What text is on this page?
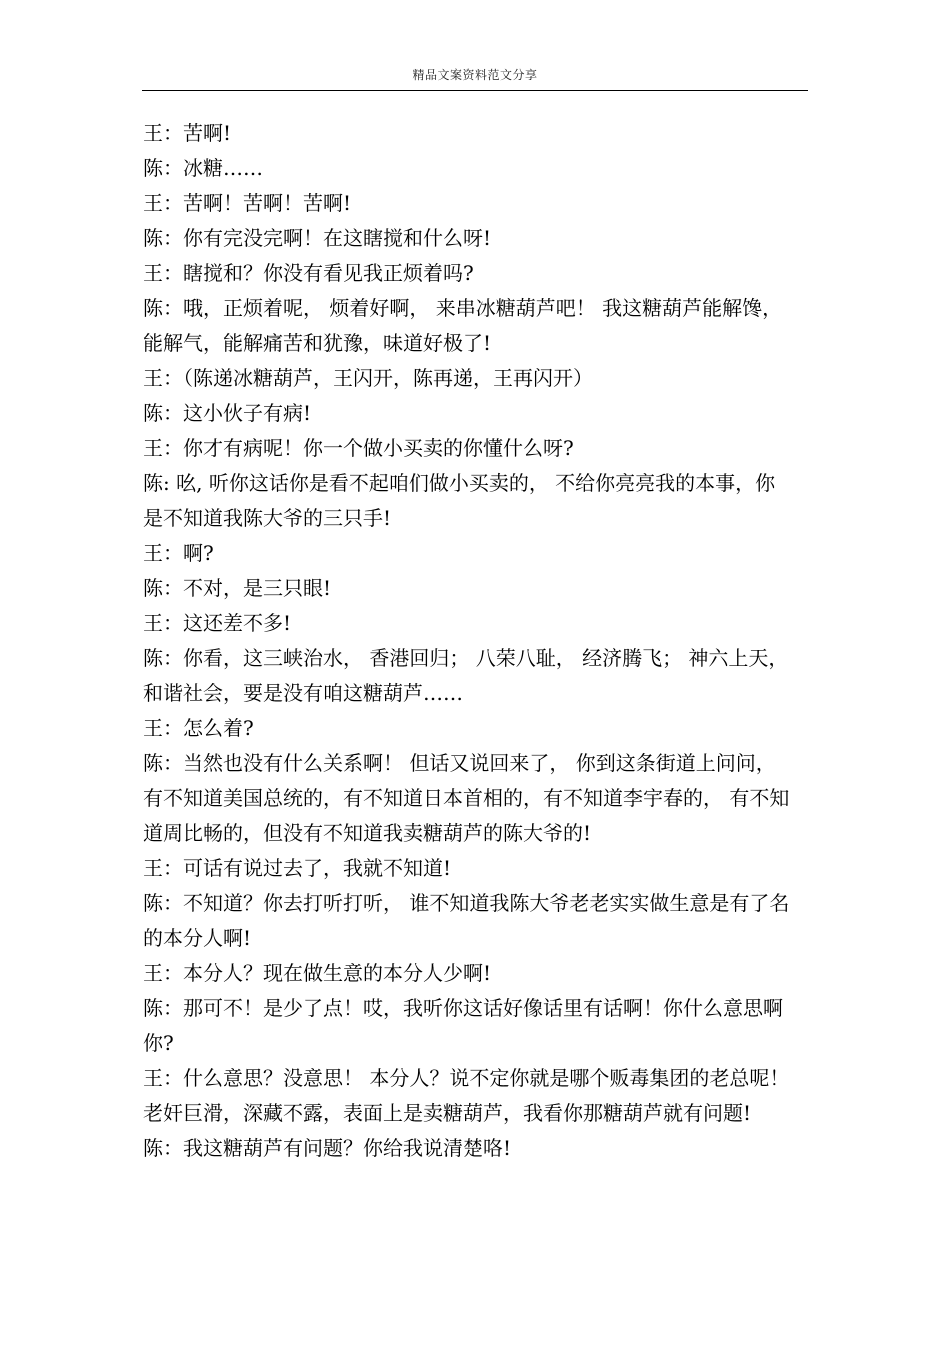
精品文案资料范文分享

王：苦啊!

陈：冰糖……

王：苦啊！苦啊！苦啊!

陈：你有完没完啊！在这瞎搅和什么呀!

王：瞎搅和？你没有看见我正烦着吗?

陈：哦，正烦着呢， 烦着好啊， 来串冰糖葫芦吧！ 我这糖葫芦能解馋，能解气，能解痛苦和犹豫，味道好极了!

王：（陈递冰糖葫芦，王闪开，陈再递，王再闪开）

陈：这小伙子有病!

王：你才有病呢！你一个做小买卖的你懂什么呀?

陈: 吆, 听你这话你是看不起咱们做小买卖的， 不给你亮亮我的本事，你是不知道我陈大爷的三只手!

王：啊?

陈：不对，是三只眼!

王：这还差不多!

陈：你看，这三峡治水， 香港回归； 八荣八耻， 经济腾飞； 神六上天，和谐社会，要是没有咱这糖葫芦……

王：怎么着?

陈：当然也没有什么关系啊！ 但话又说回来了， 你到这条街道上问问，有不知道美国总统的，有不知道日本首相的，有不知道李宇春的， 有不知道周比畅的，但没有不知道我卖糖葫芦的陈大爷的!

王：可话有说过去了，我就不知道!

陈：不知道？你去打听打听， 谁不知道我陈大爷老老实实做生意是有了名的本分人啊!

王：本分人？现在做生意的本分人少啊!

陈：那可不！是少了点！哎，我听你这话好像话里有话啊！你什么意思啊你?

王：什么意思？没意思！ 本分人？说不定你就是哪个贩毒集团的老总呢！老奸巨滑，深藏不露，表面上是卖糖葫芦，我看你那糖葫芦就有问题!

陈：我这糖葫芦有问题？你给我说清楚咯!
